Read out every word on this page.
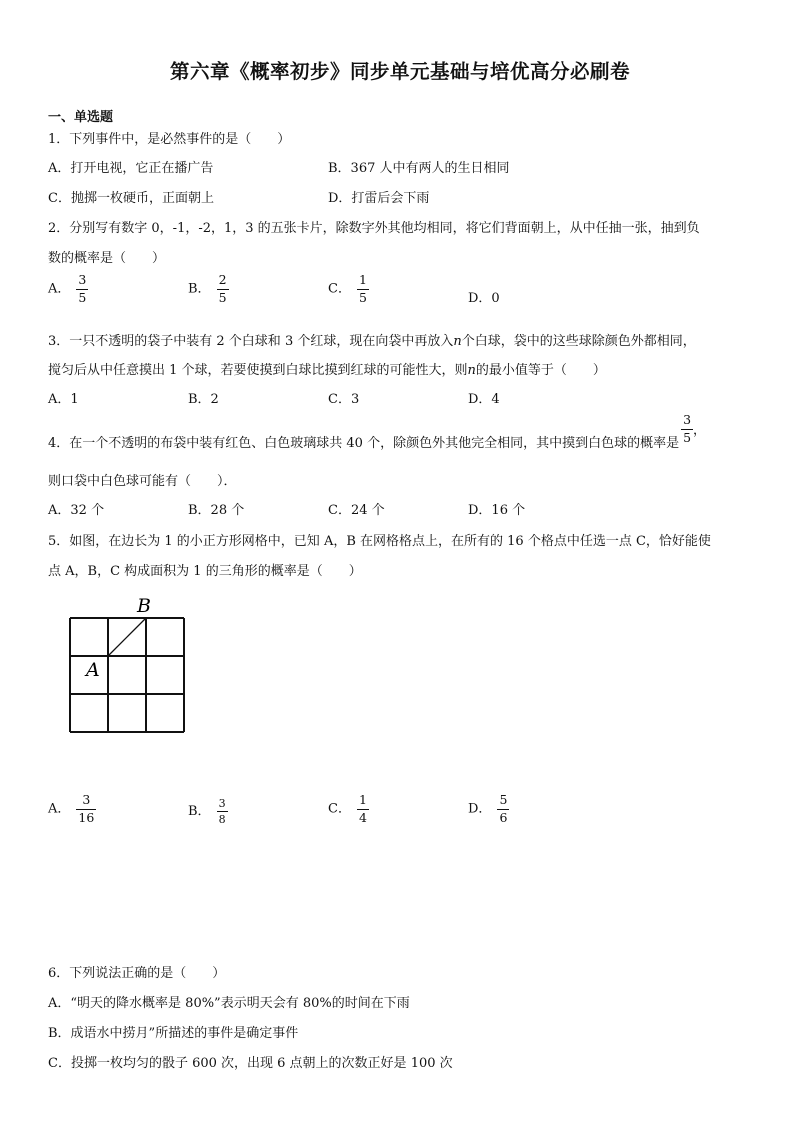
第六章《概率初步》同步单元基础与培优高分必刷卷
一、单选题
1．下列事件中，是必然事件的是（　　）
A．打开电视，它正在播广告	B．367 人中有两人的生日相同
C．抛掷一枚硬币，正面朝上	D．打雷后会下雨
2．分别写有数字 0，-1，-2，1，3 的五张卡片，除数字外其他均相同，将它们背面朝上，从中任抽一张，抽到负
数的概率是（　　）
A． $\frac{3}{5}$	B． $\frac{2}{5}$	C． $\frac{1}{5}$	D．0
3．一只不透明的袋子中装有 2 个白球和 3 个红球，现在向袋中再放入n个白球，袋中的这些球除颜色外都相同，
搅匀后从中任意摸出 1 个球，若要使摸到白球比摸到红球的可能性大，则n的最小值等于（　　）
A．1	B．2	C．3	D．4
4．在一个不透明的布袋中装有红色、白色玻璃球共 40 个，除颜色外其他完全相同，其中摸到白色球的概率是 $\frac{3}{5}$ ，
则口袋中白色球可能有（　　）．
A．32 个	B．28 个	C．24 个	D．16 个
5．如图，在边长为 1 的小正方形网格中，已知 A，B 在网格格点上，在所有的 16 个格点中任选一点 C，恰好能使
点 A，B，C 构成面积为 1 的三角形的概率是（　　）
B
A
A． $\frac{3}{16}$	B． $\frac{3}{8}$	C． $\frac{1}{4}$	D． $\frac{5}{6}$
6．下列说法正确的是（　　）
A．“明天的降水概率是 80%”表示明天会有 80%的时间在下雨
B．成语水中捞月”所描述的事件是确定事件
C．投掷一枚均匀的骰子 600 次，出现 6 点朝上的次数正好是 100 次
